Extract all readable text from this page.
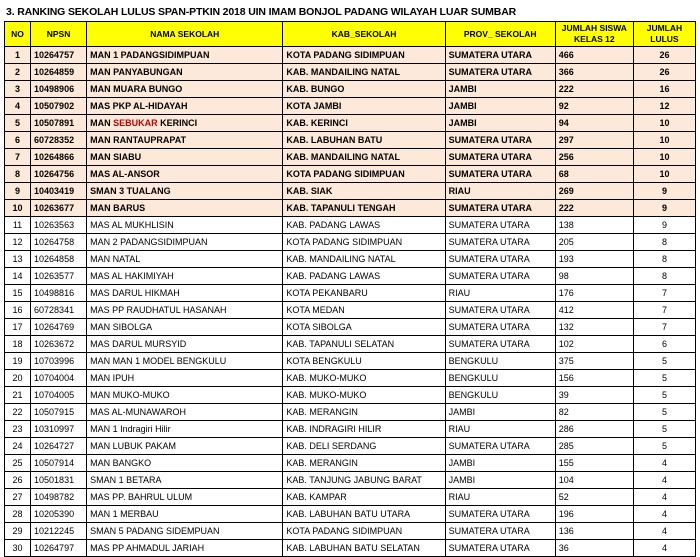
3. RANKING SEKOLAH LULUS SPAN-PTKIN 2018 UIN IMAM BONJOL PADANG WILAYAH LUAR SUMBAR
NO	NPSN	NAMA SEKOLAH	KAB_SEKOLAH	PROV_ SEKOLAH	JUMLAH SISWA
KELAS 12	JUMLAH
LULUS
1	10264757	MAN 1 PADANGSIDIMPUAN	KOTA PADANG SIDIMPUAN	SUMATERA UTARA	466	26
2	10264859	MAN PANYABUNGAN	KAB. MANDAILING NATAL	SUMATERA UTARA	366	26
3	10498906	MAN MUARA BUNGO	KAB. BUNGO	JAMBI	222	16
4	10507902	MAS PKP AL-HIDAYAH	KOTA JAMBI	JAMBI	92	12
5	10507891	MAN SEBUKAR KERINCI	KAB. KERINCI	JAMBI	94	10
6	60728352	MAN RANTAUPRAPAT	KAB. LABUHAN BATU	SUMATERA UTARA	297	10
7	10264866	MAN SIABU	KAB. MANDAILING NATAL	SUMATERA UTARA	256	10
8	10264756	MAS AL-ANSOR	KOTA PADANG SIDIMPUAN	SUMATERA UTARA	68	10
9	10403419	SMAN 3 TUALANG	KAB. SIAK	RIAU	269	9
10	10263677	MAN BARUS	KAB. TAPANULI TENGAH	SUMATERA UTARA	222	9
11	10263563	MAS AL MUKHLISIN	KAB. PADANG LAWAS	SUMATERA UTARA	138	9
12	10264758	MAN 2 PADANGSIDIMPUAN	KOTA PADANG SIDIMPUAN	SUMATERA UTARA	205	8
13	10264858	MAN NATAL	KAB. MANDAILING NATAL	SUMATERA UTARA	193	8
14	10263577	MAS AL HAKIMIYAH	KAB. PADANG LAWAS	SUMATERA UTARA	98	8
15	10498816	MAS DARUL HIKMAH	KOTA PEKANBARU	RIAU	176	7
16	60728341	MAS PP RAUDHATUL HASANAH	KOTA MEDAN	SUMATERA UTARA	412	7
17	10264769	MAN SIBOLGA	KOTA SIBOLGA	SUMATERA UTARA	132	7
18	10263672	MAS DARUL MURSYID	KAB. TAPANULI SELATAN	SUMATERA UTARA	102	6
19	10703996	MAN MAN 1 MODEL BENGKULU	KOTA BENGKULU	BENGKULU	375	5
20	10704004	MAN IPUH	KAB. MUKO-MUKO	BENGKULU	156	5
21	10704005	MAN MUKO-MUKO	KAB. MUKO-MUKO	BENGKULU	39	5
22	10507915	MAS AL-MUNAWAROH	KAB. MERANGIN	JAMBI	82	5
23	10310997	MAN 1 Indragiri Hilir	KAB. INDRAGIRI HILIR	RIAU	286	5
24	10264727	MAN LUBUK PAKAM	KAB. DELI SERDANG	SUMATERA UTARA	285	5
25	10507914	MAN BANGKO	KAB. MERANGIN	JAMBI	155	4
26	10501831	SMAN 1 BETARA	KAB. TANJUNG JABUNG BARAT	JAMBI	104	4
27	10498782	MAS PP. BAHRUL ULUM	KAB. KAMPAR	RIAU	52	4
28	10205390	MAN 1 MERBAU	KAB. LABUHAN BATU UTARA	SUMATERA UTARA	196	4
29	10212245	SMAN 5 PADANG SIDEMPUAN	KOTA PADANG SIDIMPUAN	SUMATERA UTARA	136	4
30	10264797	MAS PP AHMADUL JARIAH	KAB. LABUHAN BATU SELATAN	SUMATERA UTARA	36	4
